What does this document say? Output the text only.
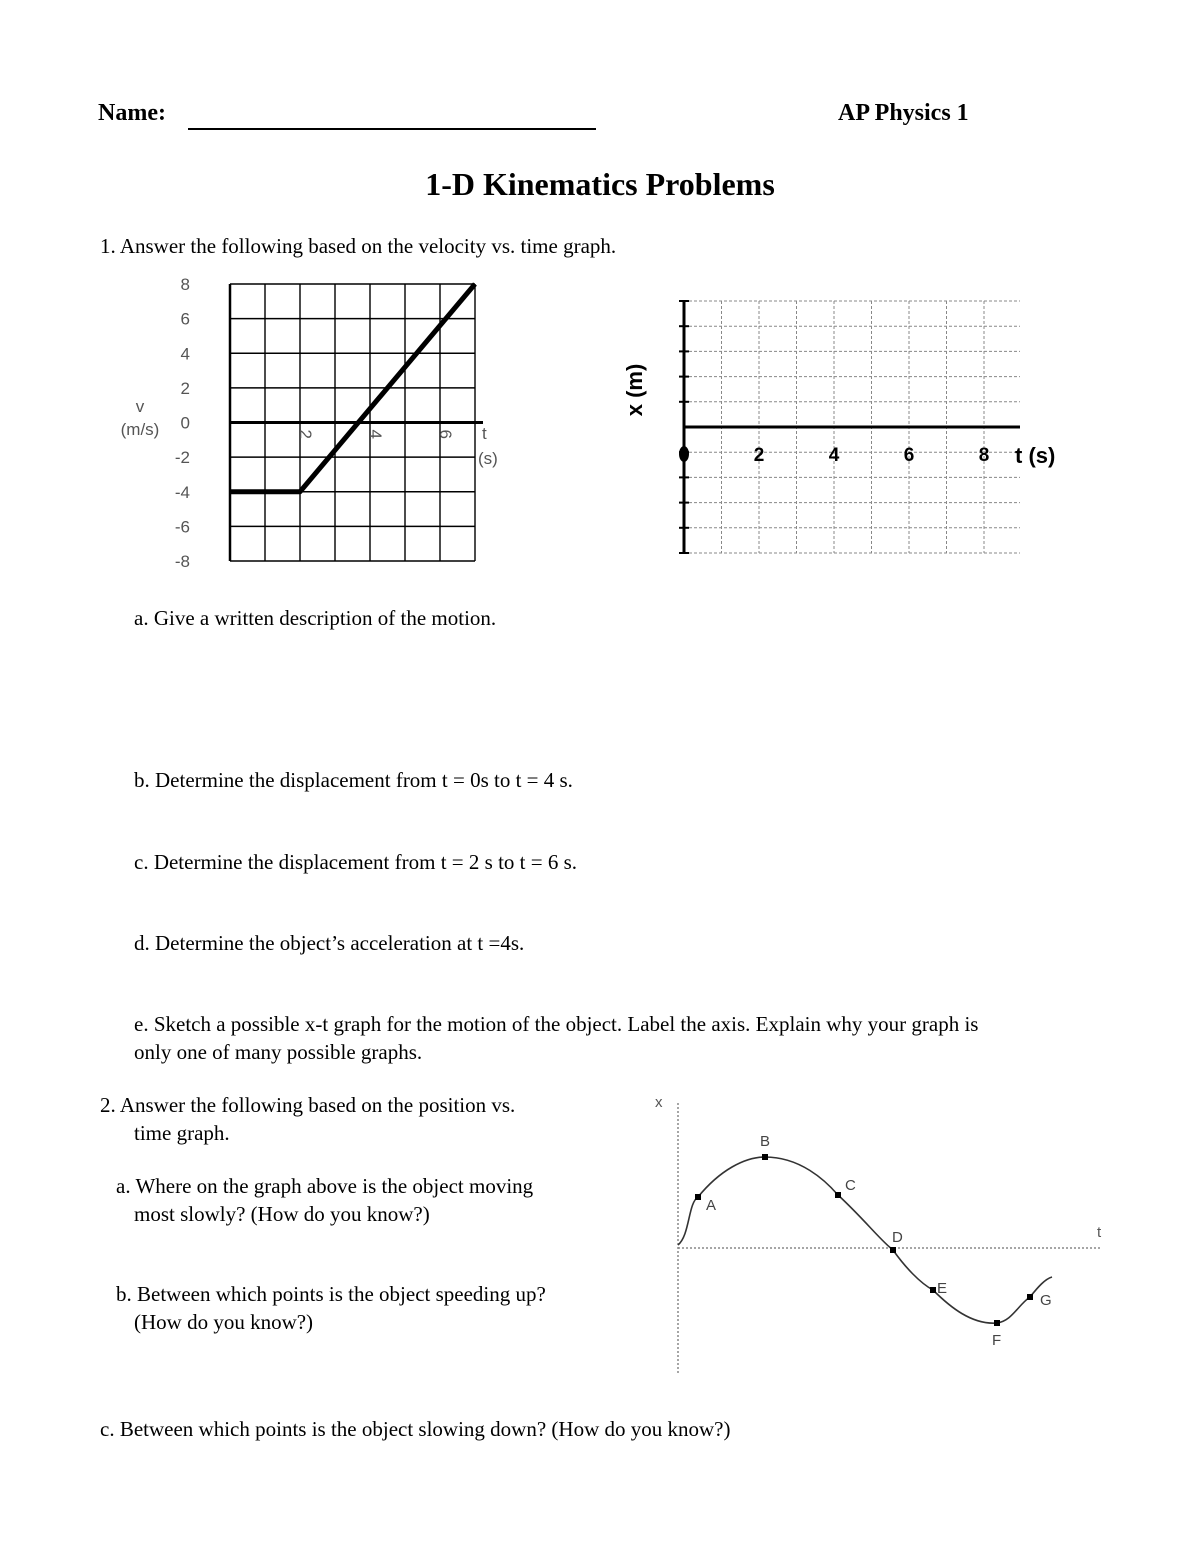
Name:	AP Physics 1
1-D Kinematics Problems
1. Answer the following based on the velocity vs. time graph.
8
6
4
2
0
-2
-4
-6
-8
2	4	6
v
(m/s)	t
(s)	2	4	6	8
x (m)
t (s)
a. Give a written description of the motion.
b. Determine the displacement from t = 0s to t = 4 s.
c. Determine the displacement from t = 2 s to t = 6 s.
d. Determine the object’s acceleration at t =4s.
e. Sketch a possible x-t graph for the motion of the object. Label the axis. Explain why your graph is
only one of many possible graphs.
2. Answer the following based on the position vs.
time graph.
a. Where on the graph above is the object moving
most slowly? (How do you know?)
b. Between which points is the object speeding up?
(How do you know?)
c. Between which points is the object slowing down? (How do you know?)
x
t
A
B
C
D
E
F
G
